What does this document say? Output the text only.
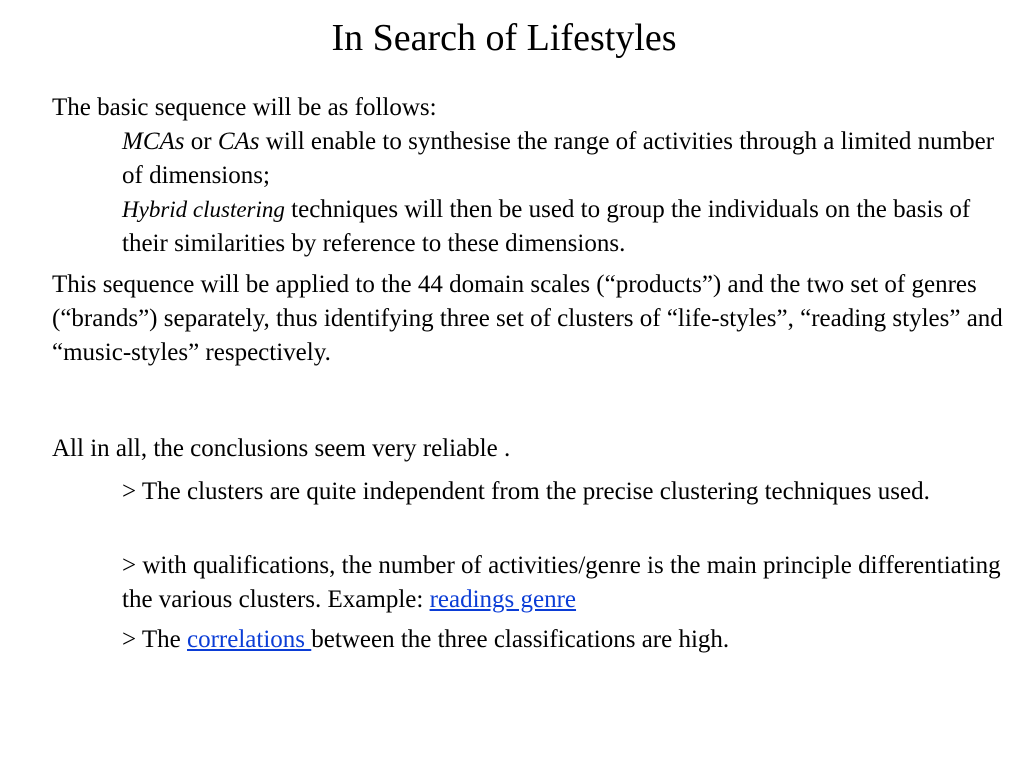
In Search of Lifestyles

The basic sequence will be as follows:

MCAs or CAs will enable to synthesise the range of activities through a limited number of dimensions;

Hybrid clustering techniques will then be used to group the individuals on the basis of their similarities by reference to these dimensions.

This sequence will be applied to the 44 domain scales (“products”) and the two set of genres (“brands”) separately, thus identifying three set of clusters of “life-styles”, “reading styles” and “music-styles” respectively.

All in all, the conclusions seem very reliable .

> The clusters are quite independent from the precise clustering techniques used.

> with qualifications, the number of activities/genre is the main principle differentiating the various clusters. Example: readings genre

> The correlations between the three classifications are high.
